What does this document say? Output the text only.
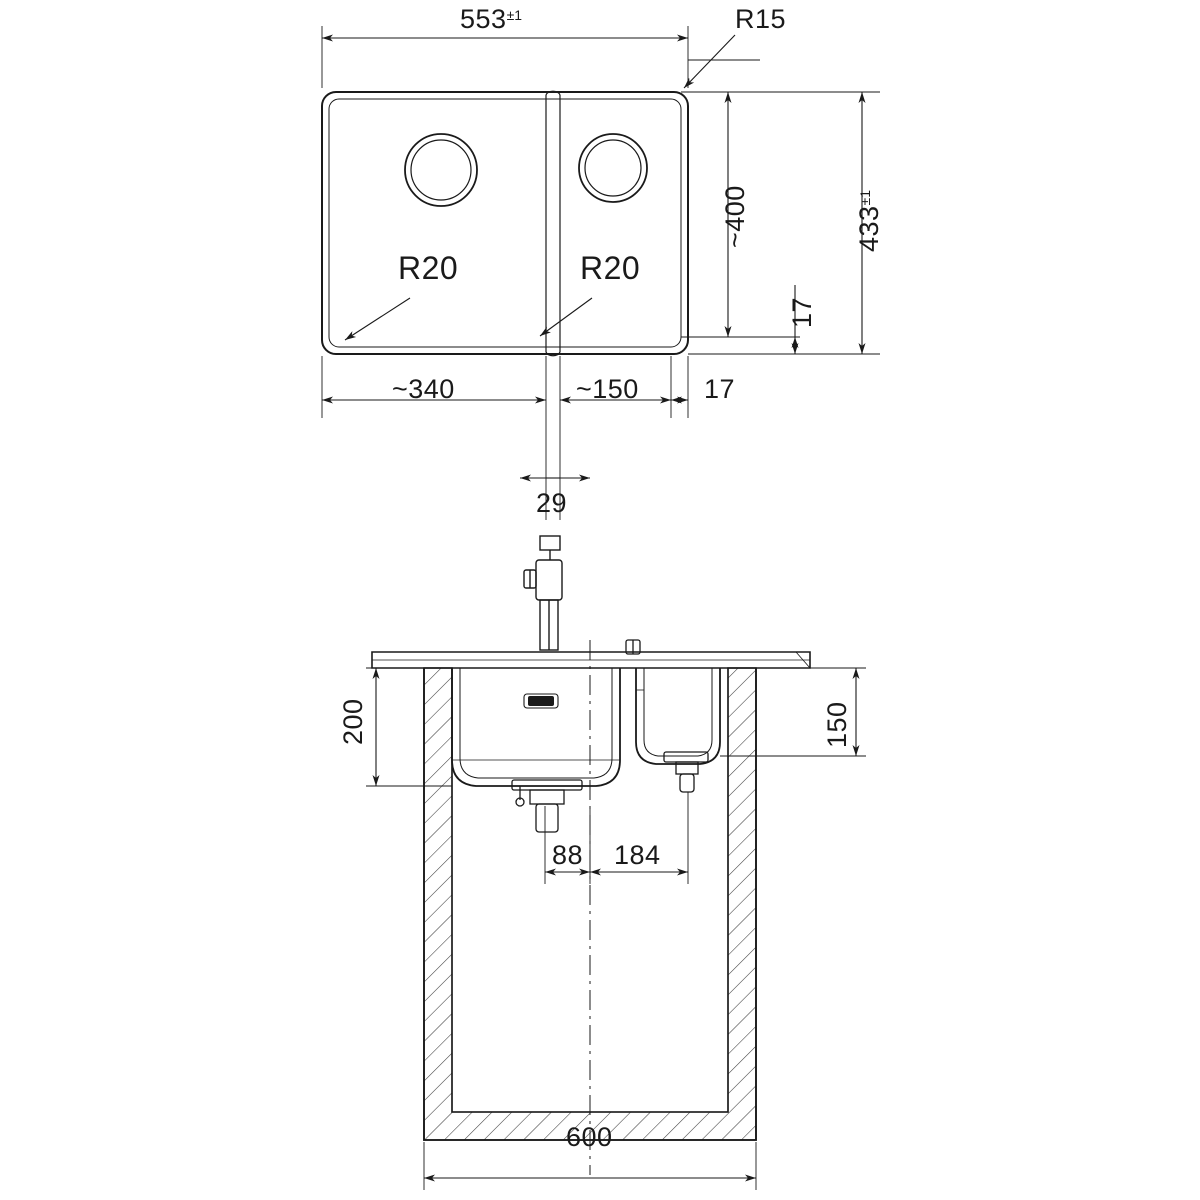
553±1	R15
~400	433±1
17
R20	R20
~340	~150 17
29
200	150
88 184
600
